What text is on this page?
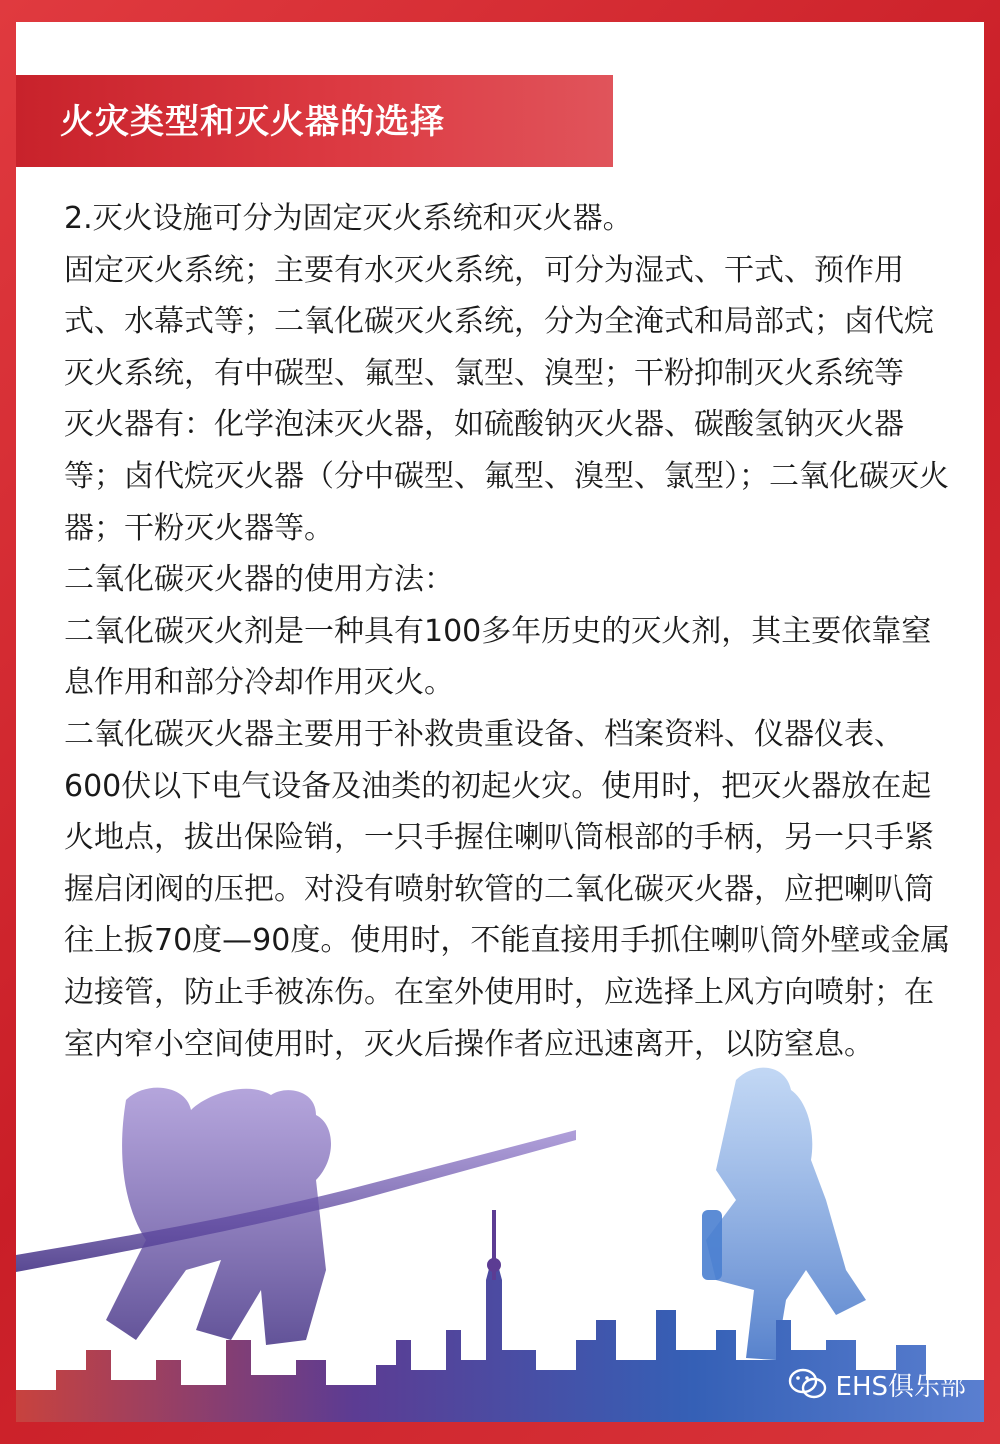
火灾类型和灭火器的选择

2.灭火设施可分为固定灭火系统和灭火器。

固定灭火系统；主要有水灭火系统，可分为湿式、干式、预作用式、水幕式等；二氧化碳灭火系统，分为全淹式和局部式；卤代烷灭火系统，有中碳型、氟型、氯型、溴型；干粉抑制灭火系统等

灭火器有：化学泡沫灭火器，如硫酸钠灭火器、碳酸氢钠灭火器等；卤代烷灭火器（分中碳型、氟型、溴型、氯型）；二氧化碳灭火器；干粉灭火器等。

二氧化碳灭火器的使用方法：

二氧化碳灭火剂是一种具有100多年历史的灭火剂，其主要依靠窒息作用和部分冷却作用灭火。

二氧化碳灭火器主要用于补救贵重设备、档案资料、仪器仪表、600伏以下电气设备及油类的初起火灾。使用时，把灭火器放在起火地点，拔出保险销，一只手握住喇叭筒根部的手柄，另一只手紧握启闭阀的压把。对没有喷射软管的二氧化碳灭火器，应把喇叭筒往上扳70度—90度。使用时，不能直接用手抓住喇叭筒外壁或金属边接管，防止手被冻伤。在室外使用时，应选择上风方向喷射；在室内窄小空间使用时，灭火后操作者应迅速离开，以防窒息。

EHS俱乐部
